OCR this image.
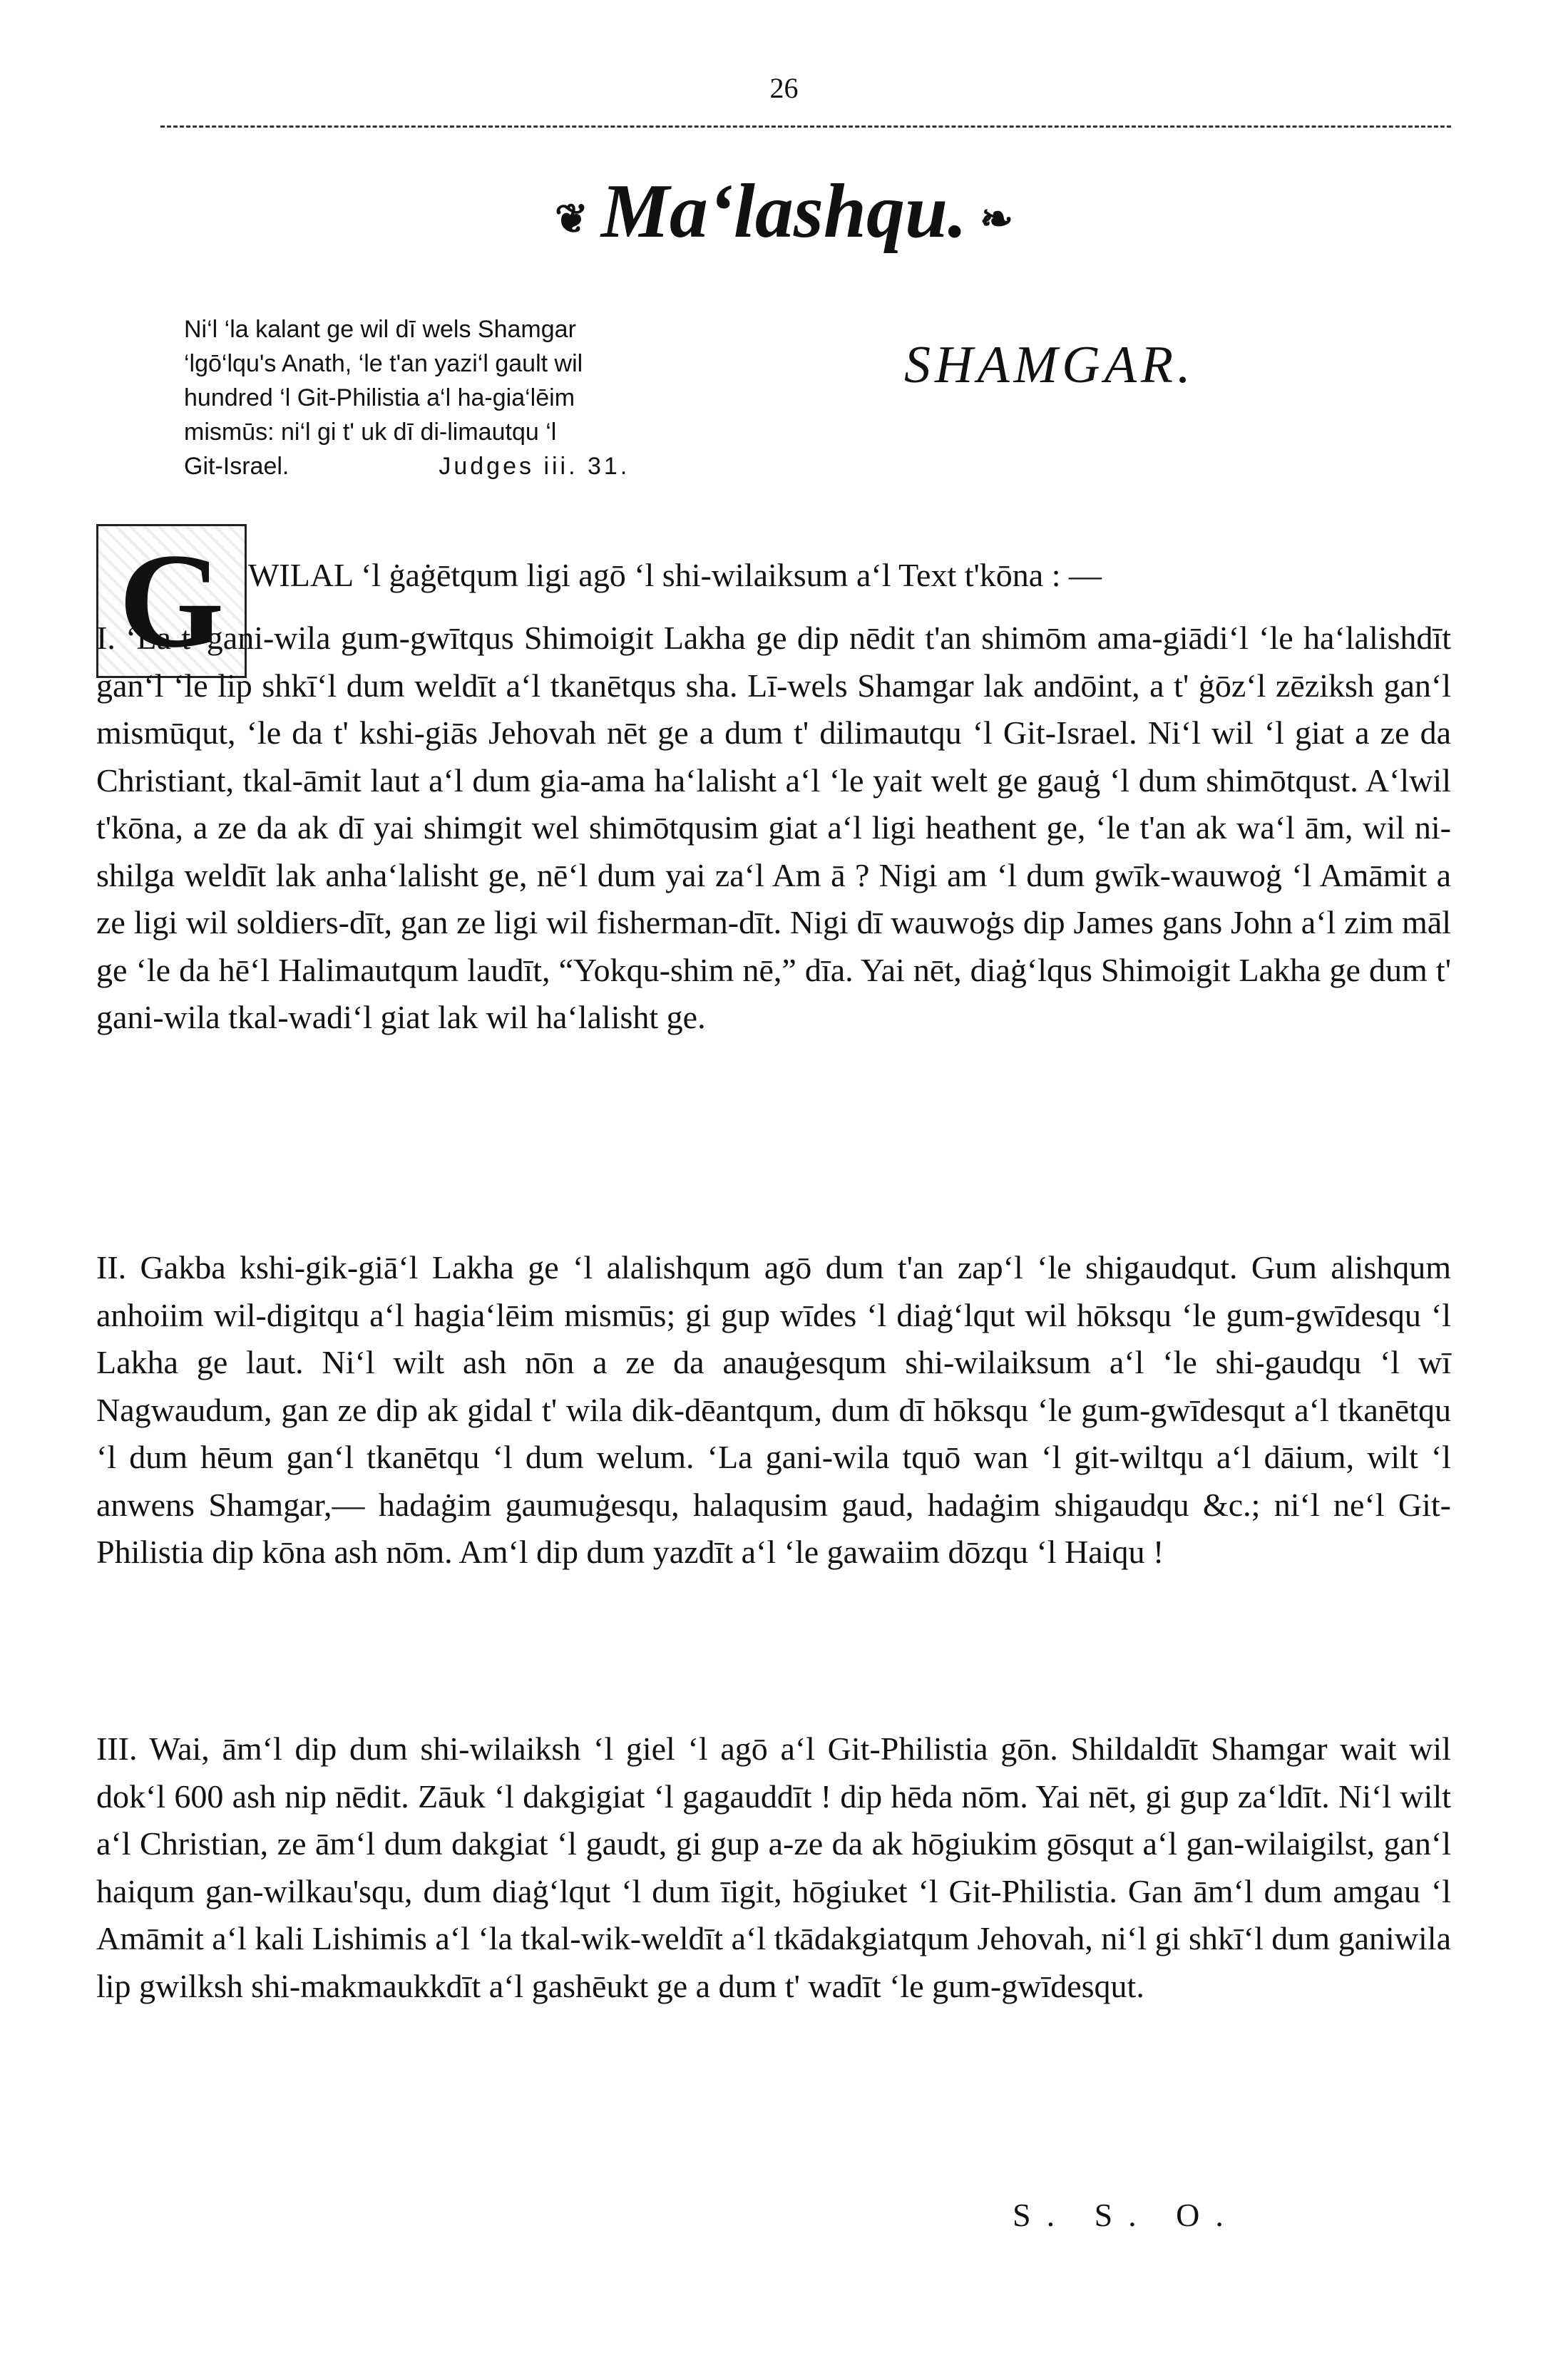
26
❦ Ma‘lashqu. ❧
Ni‘l ‘la kalant ge wil dī wels Shamgar
‘lgō‘lqu's Anath, ‘le t'an yazi‘l gault wil
hundred ‘l Git-Philistia a‘l ha-gia‘lēim
mismūs: ni‘l gi t' uk dī di-limautqu ‘l
Git-Israel.	Judges iii. 31.
SHAMGAR.
G WILAL ‘l ġaġētqum ligi agō ‘l shi-wilaiksum a‘l Text t'kōna : —
I. ‘La t' gani-wila gum-gwītqus Shimoigit Lakha ge dip nēdit t'an shimōm ama-giādi‘l ‘le ha‘lalishdīt gan‘l ‘le lip shkī‘l dum weldīt a‘l tkanētqus sha. Lī-wels Shamgar lak andōint, a t' ġōz‘l zēziksh gan‘l mismūqut, ‘le da t' kshi-giās Jehovah nēt ge a dum t' dilimautqu ‘l Git-Israel. Ni‘l wil ‘l giat a ze da Christiant, tkal-āmit laut a‘l dum gia-ama ha‘lalisht a‘l ‘le yait welt ge gauġ ‘l dum shimōtqust. A‘lwil t'kōna, a ze da ak dī yai shimgit wel shimōtqusim giat a‘l ligi heathent ge, ‘le t'an ak wa‘l ām, wil ni-shilga weldīt lak anha‘lalisht ge, nē‘l dum yai za‘l Am ā ? Nigi am ‘l dum gwīk-wauwoġ ‘l Amāmit a ze ligi wil soldiers-dīt, gan ze ligi wil fisherman-dīt. Nigi dī wauwoġs dip James gans John a‘l zim māl ge ‘le da hē‘l Halimautqum laudīt, “Yokqu-shim nē,” dīa. Yai nēt, diaġ‘lqus Shimoigit Lakha ge dum t' gani-wila tkal-wadi‘l giat lak wil ha‘lalisht ge.
II. Gakba kshi-gik-giā‘l Lakha ge ‘l alalishqum agō dum t'an zap‘l ‘le shigaudqut. Gum alishqum anhoiim wil-digitqu a‘l hagia‘lēim mismūs; gi gup wīdes ‘l diaġ‘lqut wil hōksqu ‘le gum-gwīdesqu ‘l Lakha ge laut. Ni‘l wilt ash nōn a ze da anauġesqum shi-wilaiksum a‘l ‘le shi-gaudqu ‘l wī Nagwaudum, gan ze dip ak gidal t' wila dik-dēantqum, dum dī hōksqu ‘le gum-gwīdesqut a‘l tkanētqu ‘l dum hēum gan‘l tkanētqu ‘l dum welum. ‘La gani-wila tquō wan ‘l git-wiltqu a‘l dāium, wilt ‘l anwens Shamgar,— hadaġim gaumuġesqu, halaqusim gaud, hadaġim shigaudqu &c.; ni‘l ne‘l Git-Philistia dip kōna ash nōm. Am‘l dip dum yazdīt a‘l ‘le gawaiim dōzqu ‘l Haiqu !
III. Wai, ām‘l dip dum shi-wilaiksh ‘l giel ‘l agō a‘l Git-Philistia gōn. Shildaldīt Shamgar wait wil dok‘l 600 ash nip nēdit. Zāuk ‘l dakgigiat ‘l gagauddīt ! dip hēda nōm. Yai nēt, gi gup za‘ldīt. Ni‘l wilt a‘l Christian, ze ām‘l dum dakgiat ‘l gaudt, gi gup a-ze da ak hōgiukim gōsqut a‘l gan-wilaigilst, gan‘l haiqum gan-wilkau'squ, dum diaġ‘lqut ‘l dum īigit, hōgiuket ‘l Git-Philistia. Gan ām‘l dum amgau ‘l Amāmit a‘l kali Lishimis a‘l ‘la tkal-wik-weldīt a‘l tkādakgiatqum Jehovah, ni‘l gi shkī‘l dum ganiwila lip gwilksh shi-makmaukkdīt a‘l gashēukt ge a dum t' wadīt ‘le gum-gwīdesqut.
S. S. O.
